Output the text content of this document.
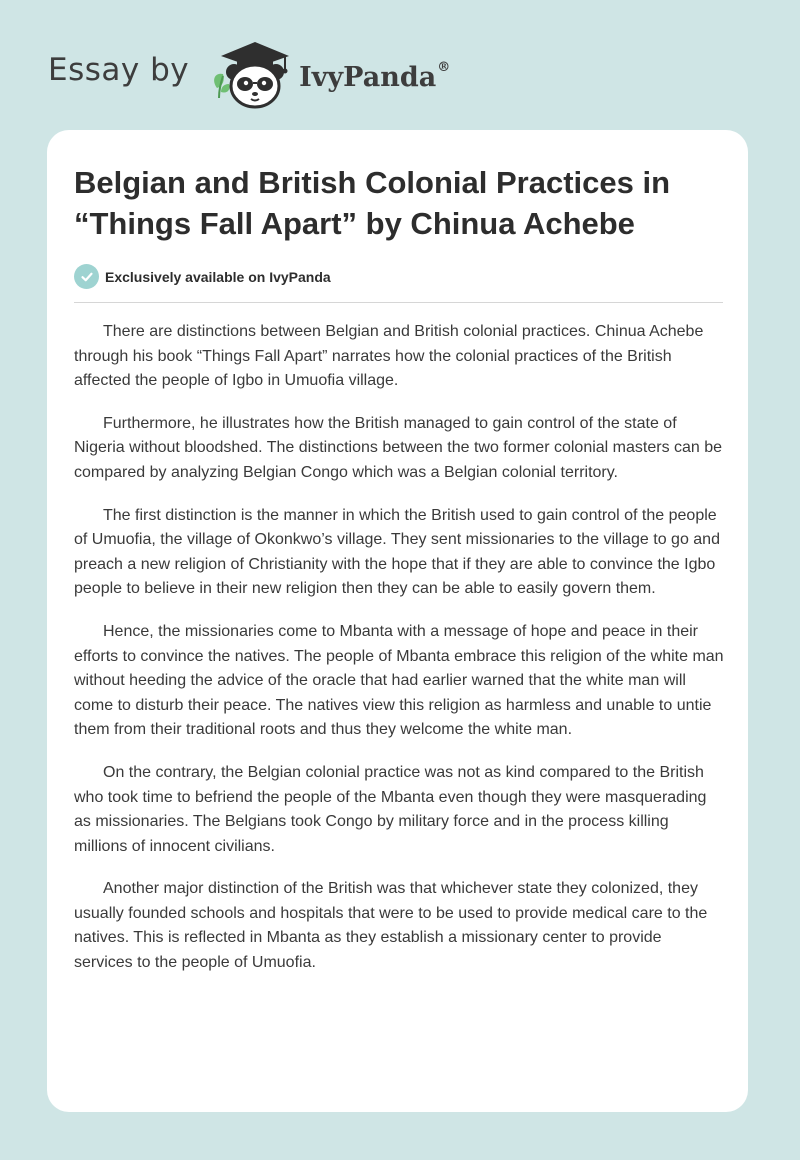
Essay by	IvyPanda®
Belgian and British Colonial Practices in “Things Fall Apart” by Chinua Achebe
Exclusively available on IvyPanda

There are distinctions between Belgian and British colonial practices. Chinua Achebe through his book “Things Fall Apart” narrates how the colonial practices of the British affected the people of Igbo in Umuofia village.

Furthermore, he illustrates how the British managed to gain control of the state of Nigeria without bloodshed. The distinctions between the two former colonial masters can be compared by analyzing Belgian Congo which was a Belgian colonial territory.

The first distinction is the manner in which the British used to gain control of the people of Umuofia, the village of Okonkwo’s village. They sent missionaries to the village to go and preach a new religion of Christianity with the hope that if they are able to convince the Igbo people to believe in their new religion then they can be able to easily govern them.

Hence, the missionaries come to Mbanta with a message of hope and peace in their efforts to convince the natives. The people of Mbanta embrace this religion of the white man without heeding the advice of the oracle that had earlier warned that the white man will come to disturb their peace. The natives view this religion as harmless and unable to untie them from their traditional roots and thus they welcome the white man.

On the contrary, the Belgian colonial practice was not as kind compared to the British who took time to befriend the people of the Mbanta even though they were masquerading as missionaries. The Belgians took Congo by military force and in the process killing millions of innocent civilians.

Another major distinction of the British was that whichever state they colonized, they usually founded schools and hospitals that were to be used to provide medical care to the natives. This is reflected in Mbanta as they establish a missionary center to provide services to the people of Umuofia.
